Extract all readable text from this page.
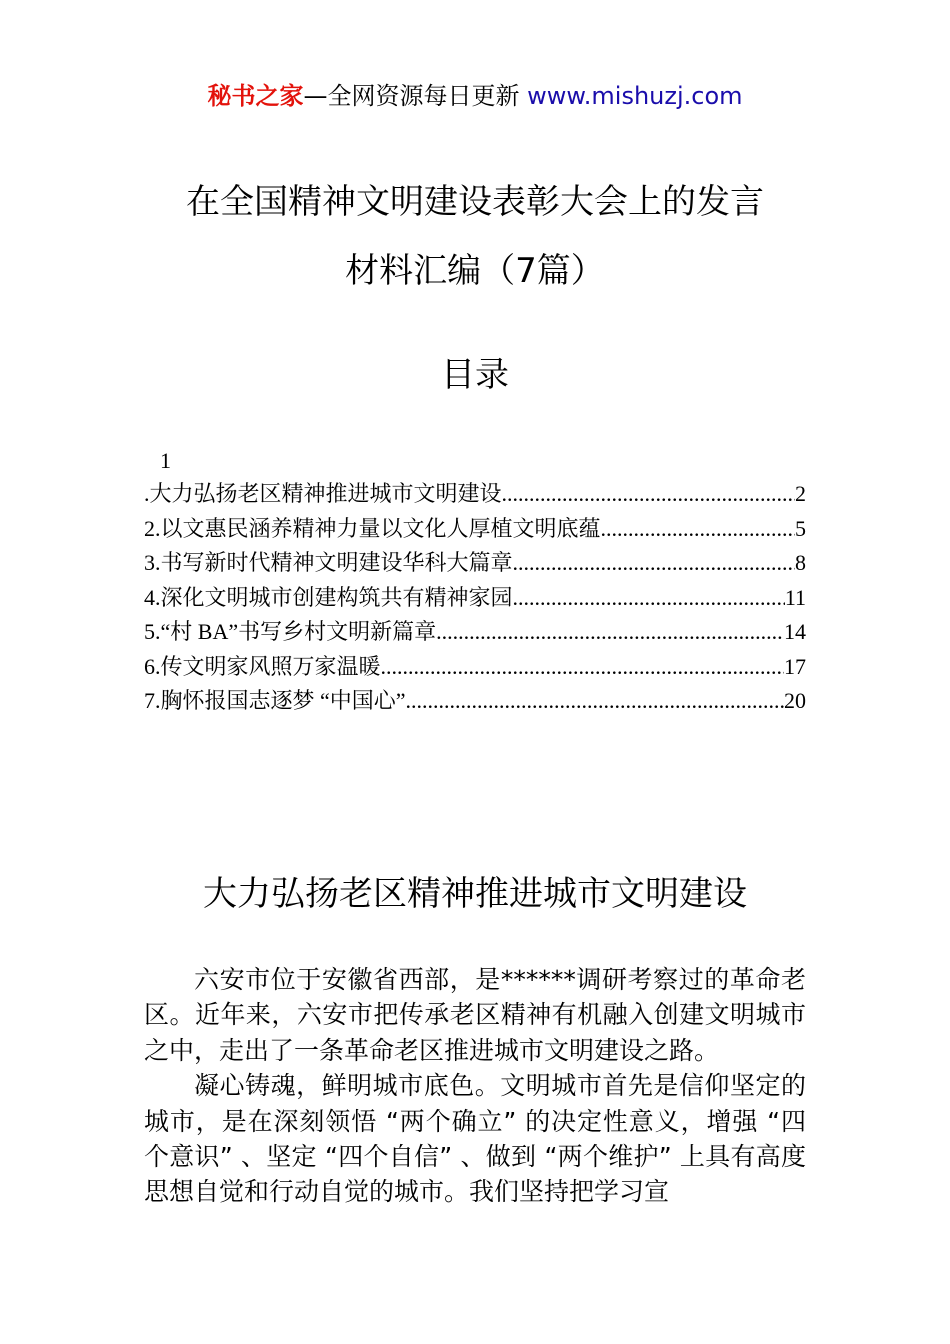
秘书之家—全网资源每日更新 www.mishuzj.com
在全国精神文明建设表彰大会上的发言
材料汇编（7篇）
目录
1
.大力弘扬老区精神推进城市文明建设 .....	2
2.以文惠民涵养精神力量以文化人厚植文明底蕴 .....	5
3.书写新时代精神文明建设华科大篇章 .....	8
4.深化文明城市创建构筑共有精神家园 .....	11
5.“村 BA”书写乡村文明新篇章 .....	14
6.传文明家风照万家温暖 .....	17
7.胸怀报国志逐梦 “中国心” .....	20
大力弘扬老区精神推进城市文明建设

六安市位于安徽省西部，是******调研考察过的革命老区。近年来，六安市把传承老区精神有机融入创建文明城市之中，走出了一条革命老区推进城市文明建设之路。

凝心铸魂，鲜明城市底色。文明城市首先是信仰坚定的城市，是在深刻领悟 “两个确立” 的决定性意义，增强 “四个意识” 、坚定 “四个自信” 、做到 “两个维护” 上具有高度思想自觉和行动自觉的城市。我们坚持把学习宣
